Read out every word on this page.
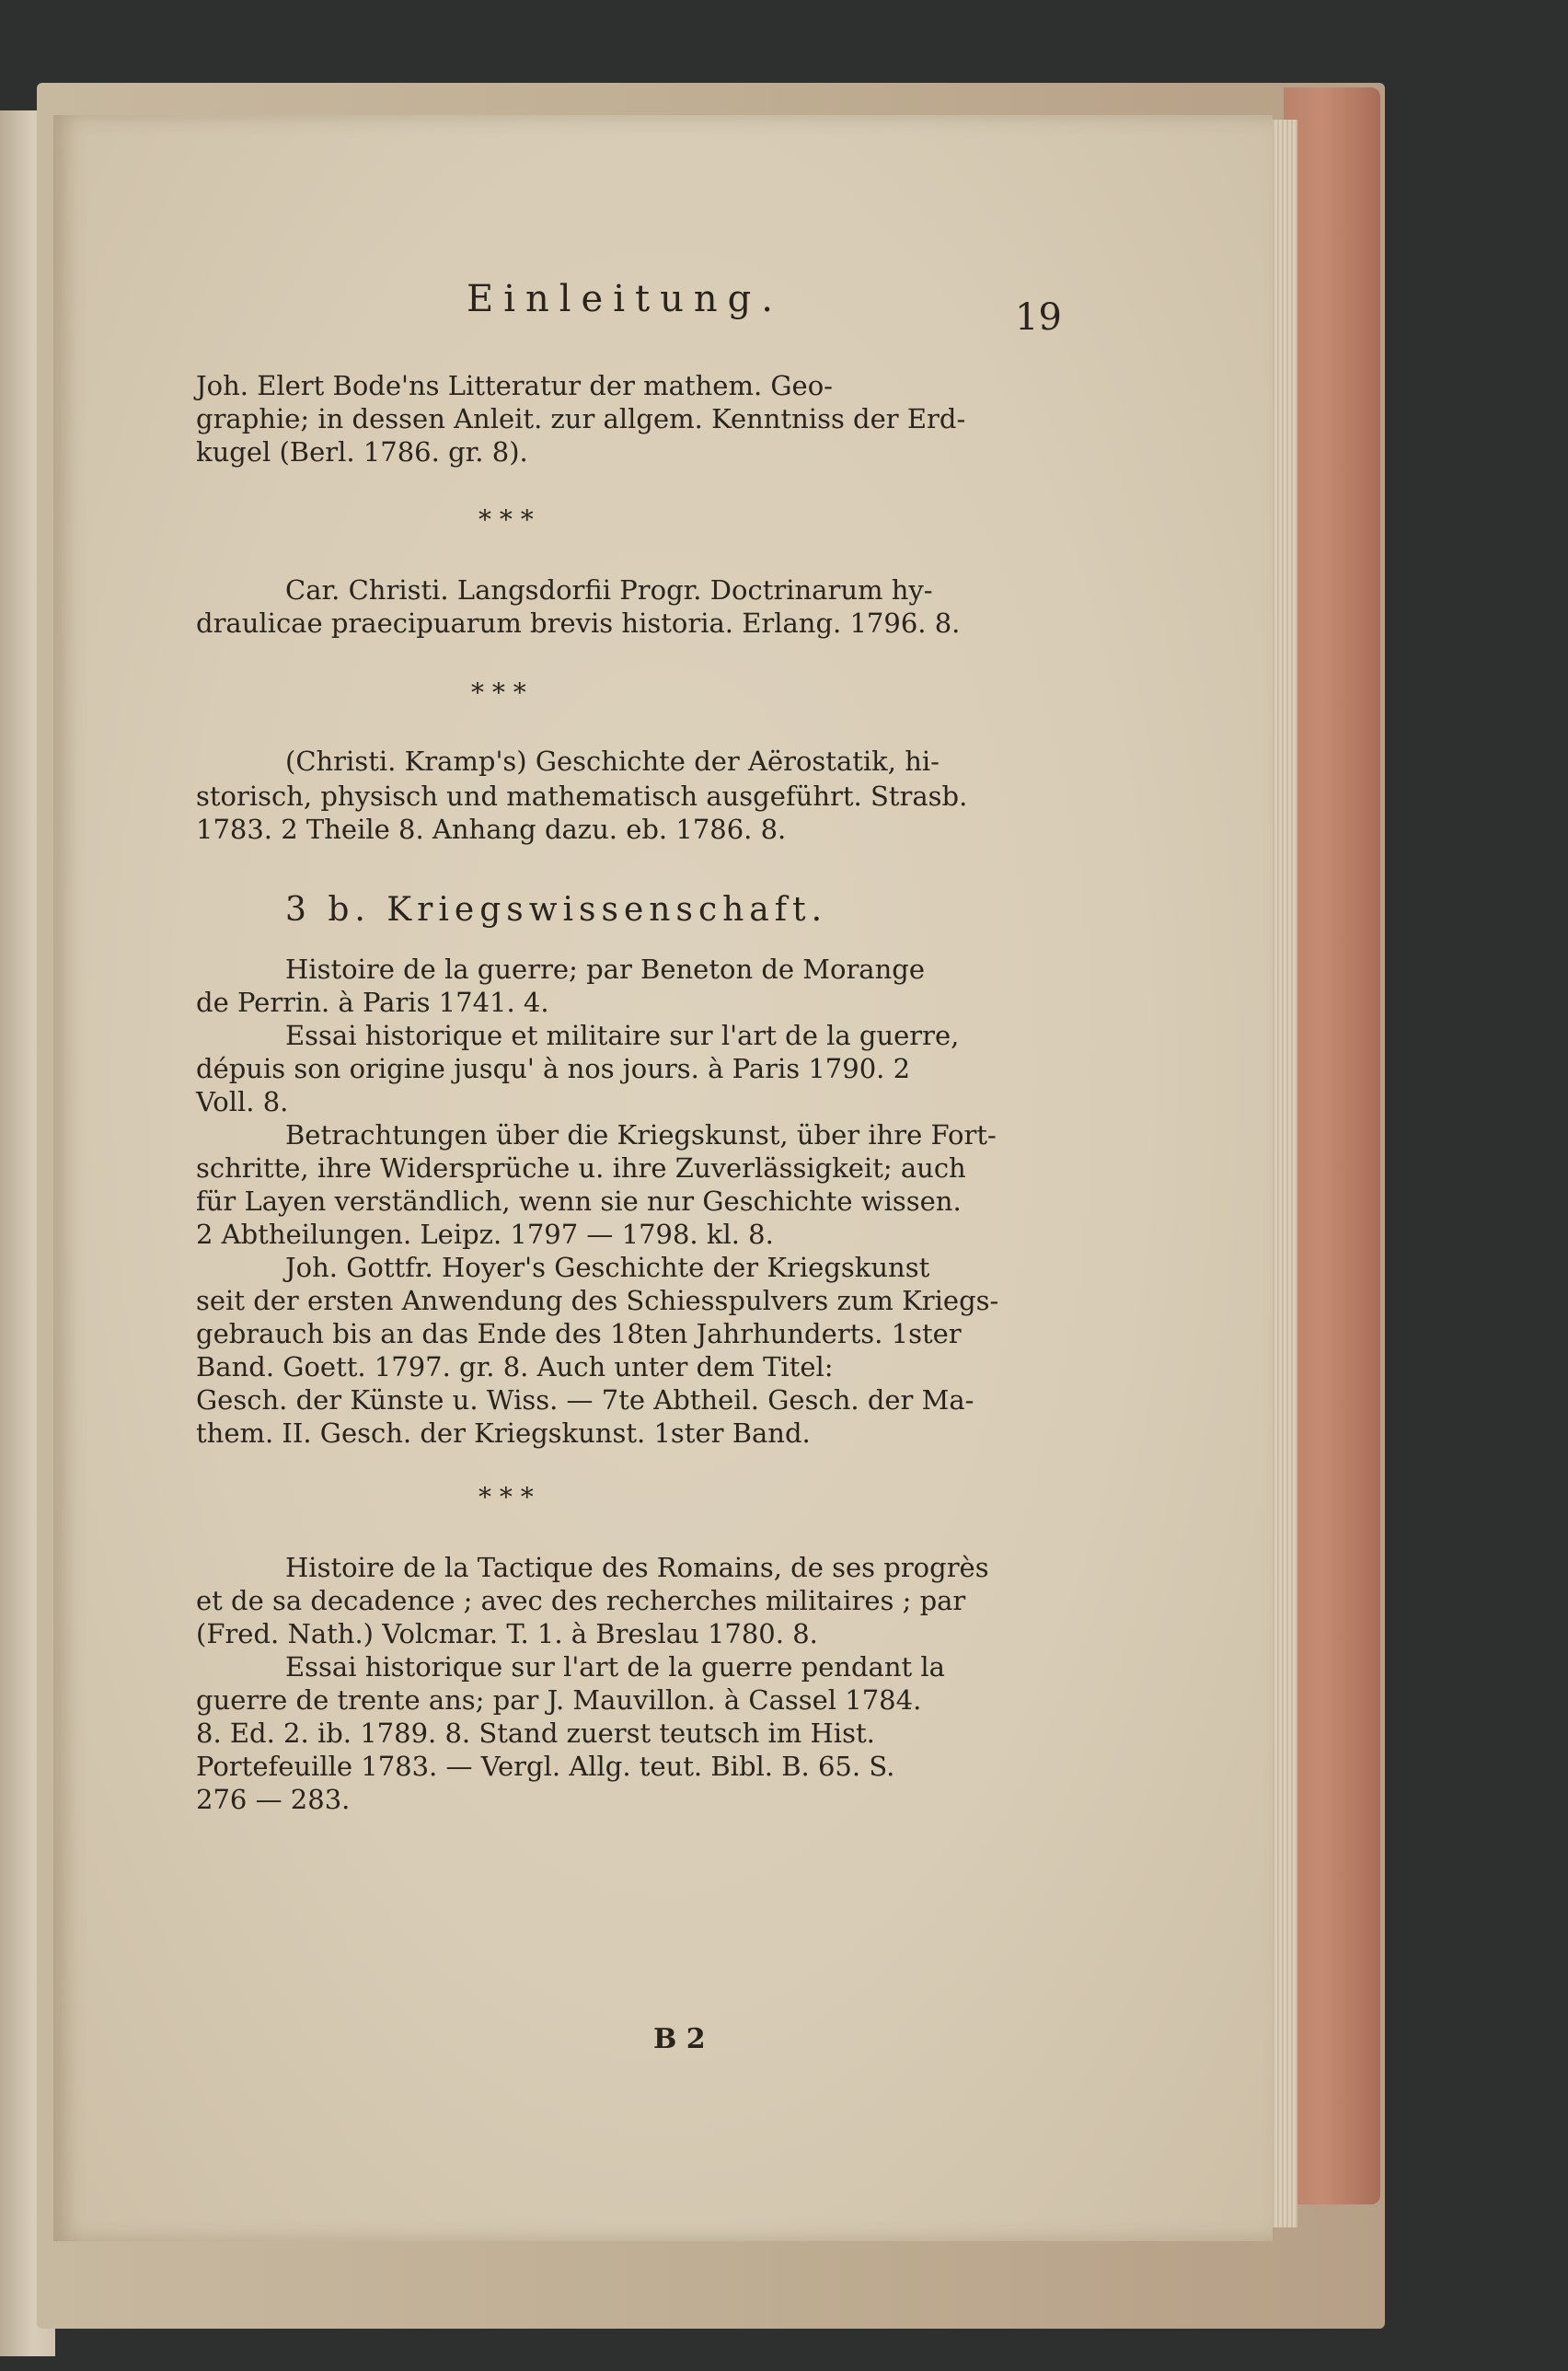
Einleitung.	19
Joh. Elert Bode'ns Litteratur der mathem. Geo-
graphie; in dessen Anleit. zur allgem. Kenntniss der Erd-
kugel (Berl. 1786. gr. 8).
* * *
Car. Christi. Langsdorfii Progr. Doctrinarum hy-
draulicae praecipuarum brevis historia. Erlang. 1796. 8.
* * *
(Christi. Kramp's) Geschichte der Aërostatik, hi-
storisch, physisch und mathematisch ausgeführt. Strasb.
1783. 2 Theile 8. Anhang dazu. eb. 1786. 8.
3 b. Kriegswissenschaft.
Histoire de la guerre; par Beneton de Morange
de Perrin. à Paris 1741. 4.
Essai historique et militaire sur l'art de la guerre,
dépuis son origine jusqu' à nos jours. à Paris 1790. 2
Voll. 8.
Betrachtungen über die Kriegskunst, über ihre Fort-
schritte, ihre Widersprüche u. ihre Zuverlässigkeit; auch
für Layen verständlich, wenn sie nur Geschichte wissen.
2 Abtheilungen. Leipz. 1797 — 1798. kl. 8.
Joh. Gottfr. Hoyer's Geschichte der Kriegskunst
seit der ersten Anwendung des Schiesspulvers zum Kriegs-
gebrauch bis an das Ende des 18ten Jahrhunderts. 1ster
Band. Goett. 1797. gr. 8. Auch unter dem Titel:
Gesch. der Künste u. Wiss. — 7te Abtheil. Gesch. der Ma-
them. II. Gesch. der Kriegskunst. 1ster Band.
* * *
Histoire de la Tactique des Romains, de ses progrès
et de sa decadence ; avec des recherches militaires ; par
(Fred. Nath.) Volcmar. T. 1. à Breslau 1780. 8.
Essai historique sur l'art de la guerre pendant la
guerre de trente ans; par J. Mauvillon. à Cassel 1784.
8. Ed. 2. ib. 1789. 8. Stand zuerst teutsch im Hist.
Portefeuille 1783. — Vergl. Allg. teut. Bibl. B. 65. S.
276 — 283.
B 2
